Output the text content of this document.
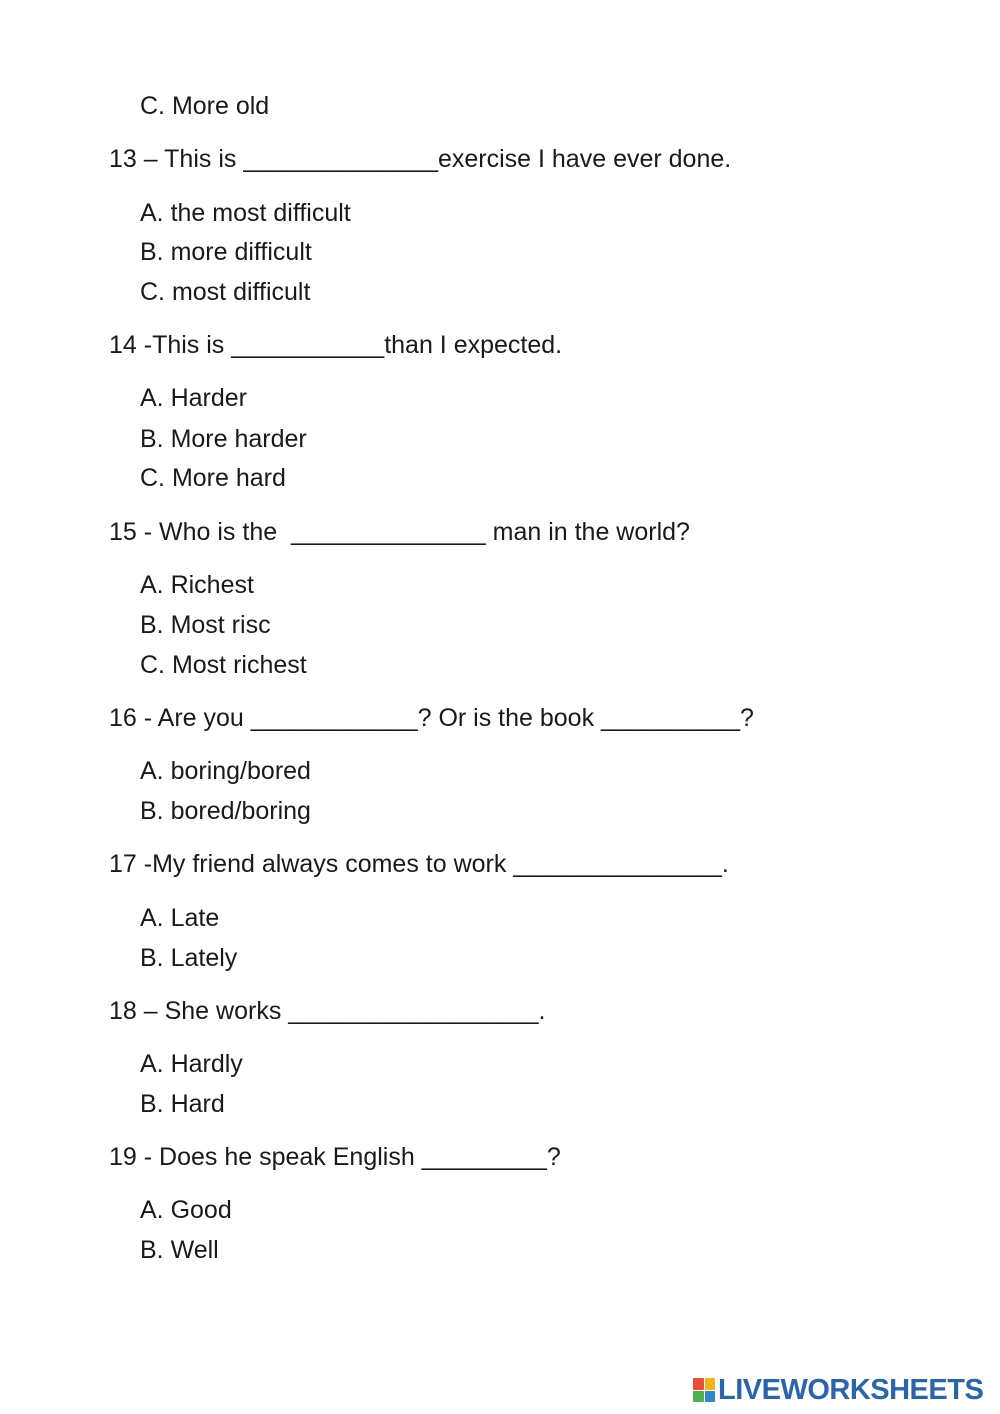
C. More old
13 – This is ______________exercise I have ever done.
A. the most difficult
B. more difficult
C. most difficult
14 -This is ___________than I expected.
A. Harder
B. More harder
C. More hard
15 - Who is the  ______________ man in the world?
A. Richest
B. Most risc
C. Most richest
16 - Are you ____________? Or is the book __________?
A. boring/bored
B. bored/boring
17 -My friend always comes to work _______________.
A. Late
B. Lately
18 – She works __________________.
A. Hardly
B. Hard
19 - Does he speak English _________?
A. Good
B. Well
LIVEWORKSHEETS
